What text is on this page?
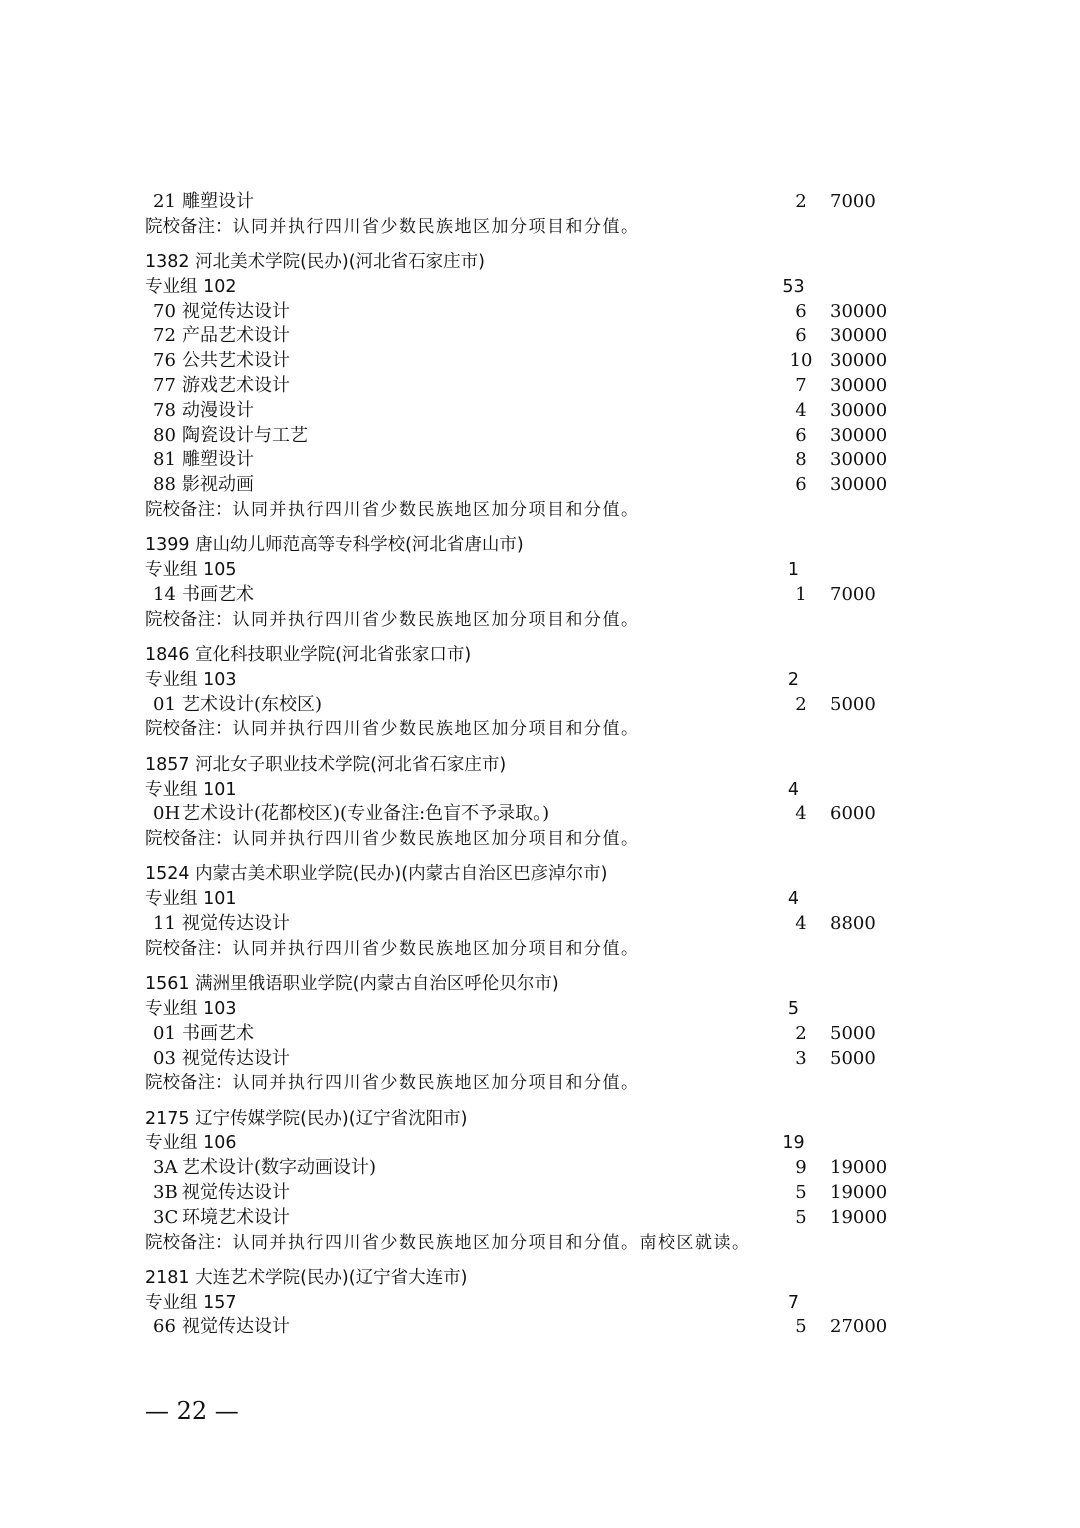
21 雕塑设计	2	7000
院校备注：认同并执行四川省少数民族地区加分项目和分值。
1382 河北美术学院(民办)(河北省石家庄市)
专业组 102	53
70 视觉传达设计	6	30000
72 产品艺术设计	6	30000
76 公共艺术设计	10 30000
77 游戏艺术设计	7	30000
78 动漫设计	4	30000
80 陶瓷设计与工艺	6	30000
81 雕塑设计	8	30000
88 影视动画	6	30000
院校备注：认同并执行四川省少数民族地区加分项目和分值。
1399 唐山幼儿师范高等专科学校(河北省唐山市)
专业组 105	1
14 书画艺术	1	7000
院校备注：认同并执行四川省少数民族地区加分项目和分值。
1846 宣化科技职业学院(河北省张家口市)
专业组 103	2
01 艺术设计(东校区)	2	5000
院校备注：认同并执行四川省少数民族地区加分项目和分值。
1857 河北女子职业技术学院(河北省石家庄市)
专业组 101	4
0H 艺术设计(花都校区)(专业备注:色盲不予录取。)	4	6000
院校备注：认同并执行四川省少数民族地区加分项目和分值。
1524 内蒙古美术职业学院(民办)(内蒙古自治区巴彦淖尔市)
专业组 101	4
11 视觉传达设计	4	8800
院校备注：认同并执行四川省少数民族地区加分项目和分值。
1561 满洲里俄语职业学院(内蒙古自治区呼伦贝尔市)
专业组 103	5
01 书画艺术	2	5000
03 视觉传达设计	3	5000
院校备注：认同并执行四川省少数民族地区加分项目和分值。
2175 辽宁传媒学院(民办)(辽宁省沈阳市)
专业组 106	19
3A 艺术设计(数字动画设计)	9	19000
3B 视觉传达设计	5	19000
3C 环境艺术设计	5	19000
院校备注：认同并执行四川省少数民族地区加分项目和分值。南校区就读。
2181 大连艺术学院(民办)(辽宁省大连市)
专业组 157	7
66 视觉传达设计	5	27000
— 22 —
